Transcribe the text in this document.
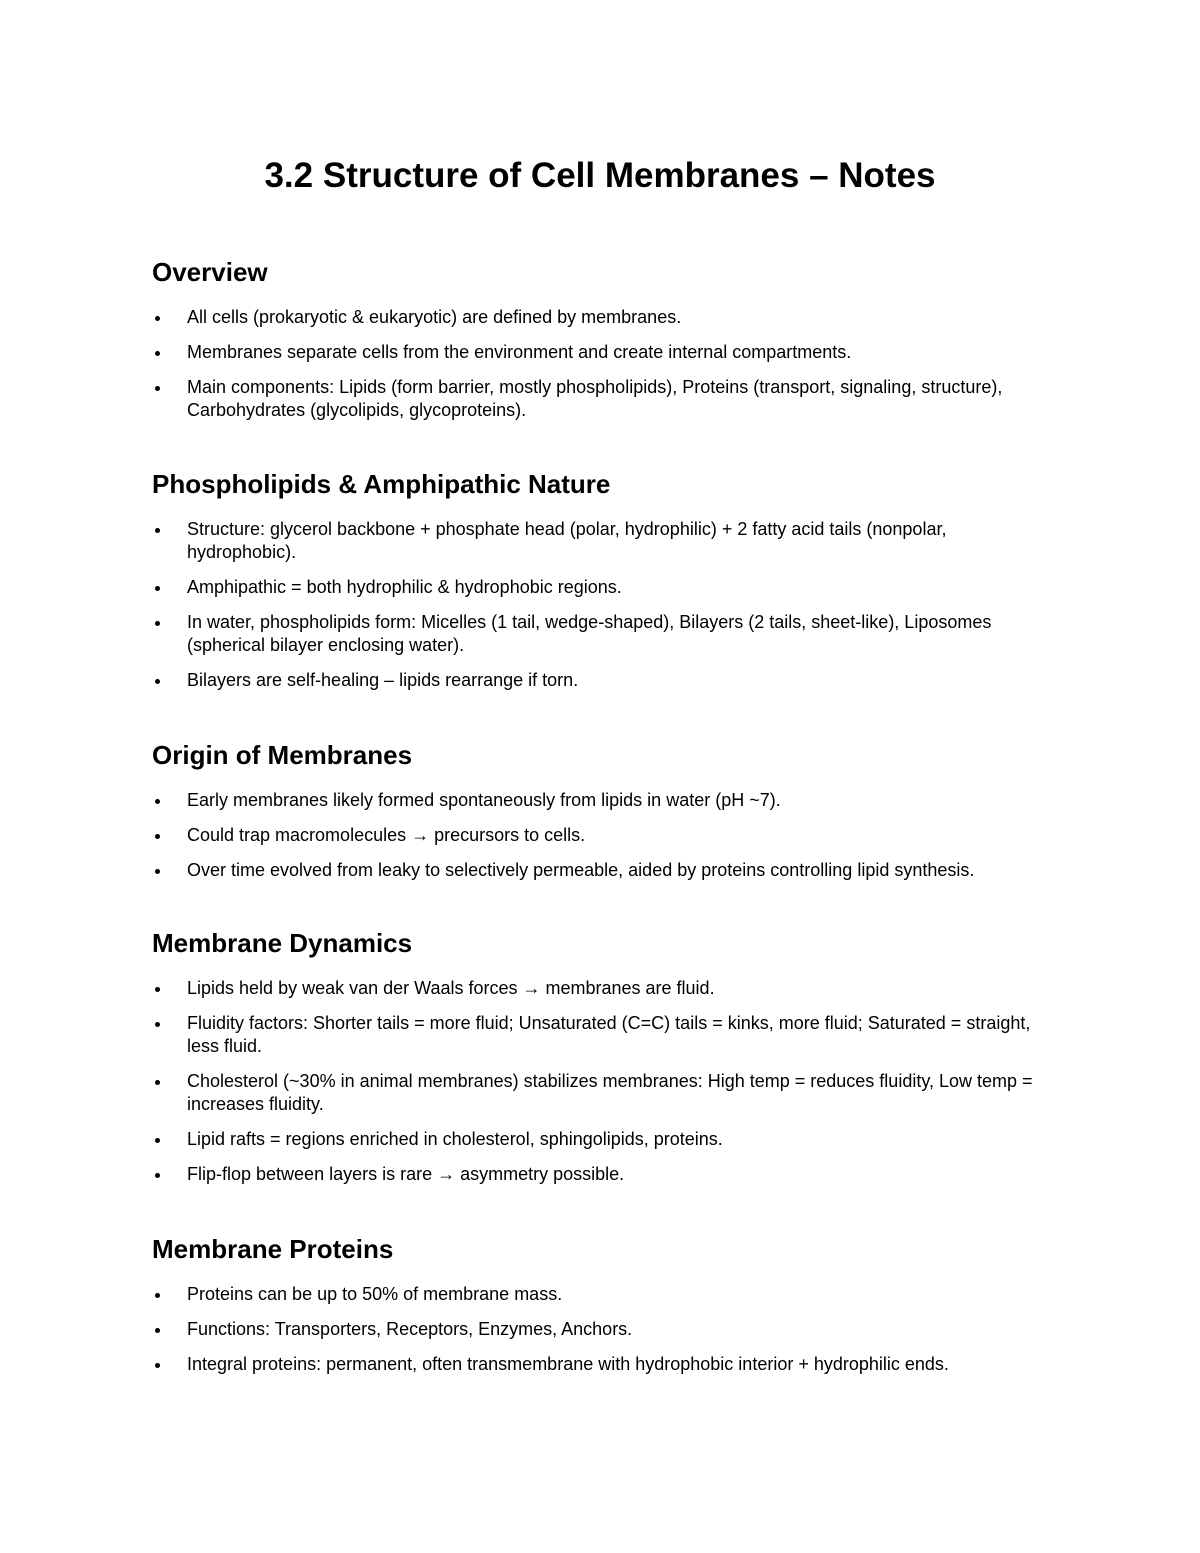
3.2 Structure of Cell Membranes – Notes
Overview
All cells (prokaryotic & eukaryotic) are defined by membranes.
Membranes separate cells from the environment and create internal compartments.
Main components: Lipids (form barrier, mostly phospholipids), Proteins (transport, signaling, structure), Carbohydrates (glycolipids, glycoproteins).
Phospholipids & Amphipathic Nature
Structure: glycerol backbone + phosphate head (polar, hydrophilic) + 2 fatty acid tails (nonpolar, hydrophobic).
Amphipathic = both hydrophilic & hydrophobic regions.
In water, phospholipids form: Micelles (1 tail, wedge-shaped), Bilayers (2 tails, sheet-like), Liposomes (spherical bilayer enclosing water).
Bilayers are self-healing – lipids rearrange if torn.
Origin of Membranes
Early membranes likely formed spontaneously from lipids in water (pH ~7).
Could trap macromolecules → precursors to cells.
Over time evolved from leaky to selectively permeable, aided by proteins controlling lipid synthesis.
Membrane Dynamics
Lipids held by weak van der Waals forces → membranes are fluid.
Fluidity factors: Shorter tails = more fluid; Unsaturated (C=C) tails = kinks, more fluid; Saturated = straight, less fluid.
Cholesterol (~30% in animal membranes) stabilizes membranes: High temp = reduces fluidity, Low temp = increases fluidity.
Lipid rafts = regions enriched in cholesterol, sphingolipids, proteins.
Flip-flop between layers is rare → asymmetry possible.
Membrane Proteins
Proteins can be up to 50% of membrane mass.
Functions: Transporters, Receptors, Enzymes, Anchors.
Integral proteins: permanent, often transmembrane with hydrophobic interior + hydrophilic ends.
